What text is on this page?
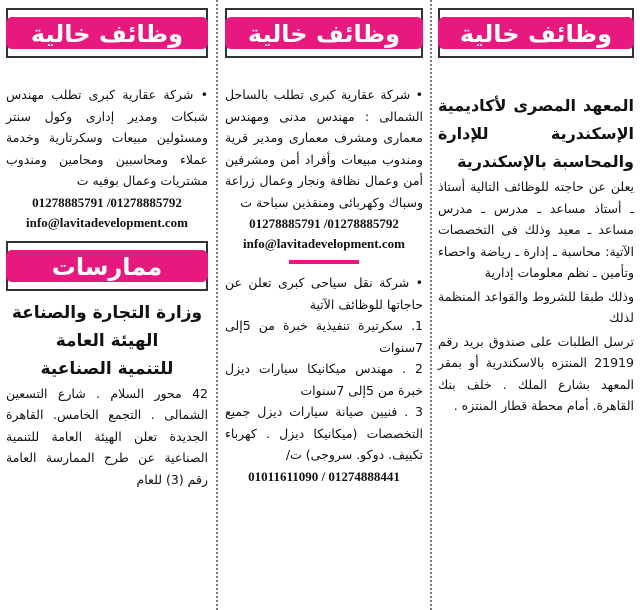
وظائف خالية
المعهد المصرى لأكاديمية الإسكندرية للإدارة والمحاسبة بالإسكندرية

يعلن عن حاجته للوظائف التالية أستاذ ـ أستاذ مساعد ـ مدرس ـ مدرس مساعد ـ معيد وذلك فى التخصصات الآتية: محاسبة ـ إدارة ـ رياضة واحصاء وتأمين ـ نظم معلومات إدارية

وذلك طبقا للشروط والقواعد المنظمة لذلك

ترسل الطلبات على صندوق بريد رقم 21919 المنتزه بالاسكندرية أو بمقر المعهد بشارع الملك . خلف بنك القاهرة. أمام محطة قطار المنتزه .

وظائف خالية

• شركة عقارية كبرى تطلب بالساحل الشمالى : مهندس مدنى ومهندس معمارى ومشرف معمارى ومدير قرية ومندوب مبيعات وأفراد أمن ومشرفين أمن وعمال نظافة ونجار وعمال زراعة وسباك وكهربائى ومنقذين سباحة ت

01278885791 /01278885792
info@lavitadevelopment.com

• شركة نقل سياحى كبرى تعلن عن حاجاتها للوظائف الآتية

1. سكرتيرة تنفيذية خبرة من 5إلى 7سنوات

2 . مهندس ميكانيكا سيارات ديزل خبرة من 5إلى 7سنوات

3 . فنيين صيانة سيارات ديزل جميع التخصصات (ميكانيكا ديزل . كهرباء تكييف. دوكو. سروجى) ت/

01011611090 / 01274888441
وظائف خالية

• شركة عقارية كبرى تطلب مهندس شبكات ومدير إدارى وكول سنتر ومسئولين مبيعات وسكرتارية وخدمة عملاء ومحاسبين ومحامين ومندوب مشتريات وعمال بوفيه ت

01278885791 /01278885792
info@lavitadevelopment.com
ممارسات
وزارة التجارة والصناعة
الهيئة العامة
للتنمية الصناعية

42 محور السلام . شارع التسعين الشمالى . التجمع الخامس. القاهرة الجديدة تعلن الهيئة العامة للتنمية الصناعية عن طرح الممارسة العامة رقم (3) للعام
